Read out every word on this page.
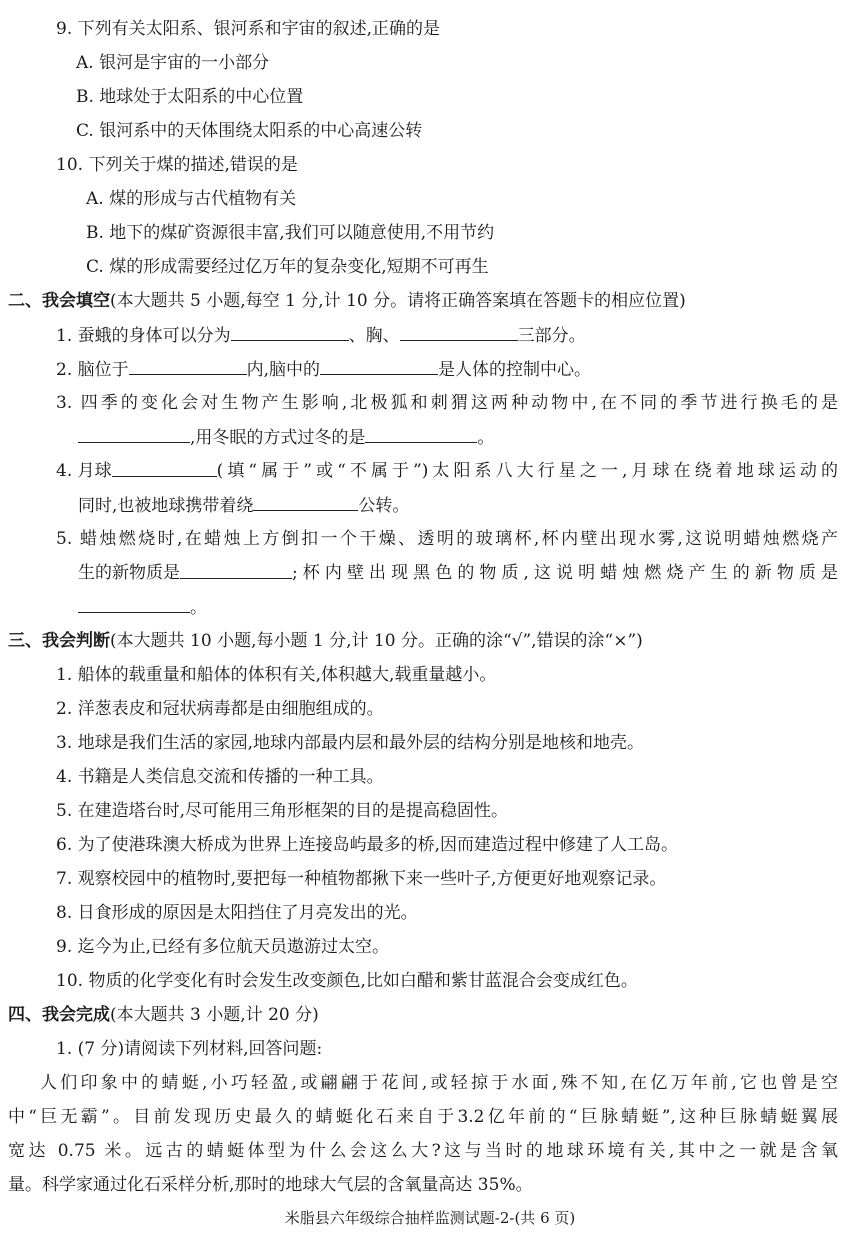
9. 下列有关太阳系、银河系和宇宙的叙述,正确的是
A. 银河是宇宙的一小部分
B. 地球处于太阳系的中心位置
C. 银河系中的天体围绕太阳系的中心高速公转
10. 下列关于煤的描述,错误的是
A. 煤的形成与古代植物有关
B. 地下的煤矿资源很丰富,我们可以随意使用,不用节约
C. 煤的形成需要经过亿万年的复杂变化,短期不可再生
二、我会填空(本大题共 5 小题,每空 1 分,计 10 分。请将正确答案填在答题卡的相应位置)
1. 蚕蛾的身体可以分为	、胸、	三部分。
2. 脑位于	内,脑中的	是人体的控制中心。
3. 四季的变化会对生物产生影响,北极狐和刺猬这两种动物中,在不同的季节进行换毛的是
,用冬眠的方式过冬的是	。
4. 月球	(填“属于”或“不属于”)太阳系八大行星之一,月球在绕着地球运动的
同时,也被地球携带着绕	公转。
5. 蜡烛燃烧时,在蜡烛上方倒扣一个干燥、透明的玻璃杯,杯内壁出现水雾,这说明蜡烛燃烧产
生的新物质是	;杯内壁出现黑色的物质,这说明蜡烛燃烧产生的新物质是
。
三、我会判断(本大题共 10 小题,每小题 1 分,计 10 分。正确的涂“√”,错误的涂“×”)
1. 船体的载重量和船体的体积有关,体积越大,载重量越小。
2. 洋葱表皮和冠状病毒都是由细胞组成的。
3. 地球是我们生活的家园,地球内部最内层和最外层的结构分别是地核和地壳。
4. 书籍是人类信息交流和传播的一种工具。
5. 在建造塔台时,尽可能用三角形框架的目的是提高稳固性。
6. 为了使港珠澳大桥成为世界上连接岛屿最多的桥,因而建造过程中修建了人工岛。
7. 观察校园中的植物时,要把每一种植物都揪下来一些叶子,方便更好地观察记录。
8. 日食形成的原因是太阳挡住了月亮发出的光。
9. 迄今为止,已经有多位航天员遨游过太空。
10. 物质的化学变化有时会发生改变颜色,比如白醋和紫甘蓝混合会变成红色。
四、我会完成(本大题共 3 小题,计 20 分)
1. (7 分)请阅读下列材料,回答问题:
人们印象中的蜻蜓,小巧轻盈,或翩翩于花间,或轻掠于水面,殊不知,在亿万年前,它也曾是空
中“巨无霸”。目前发现历史最久的蜻蜓化石来自于3.2亿年前的“巨脉蜻蜓”,这种巨脉蜻蜓翼展
宽达 0.75 米。远古的蜻蜓体型为什么会这么大?这与当时的地球环境有关,其中之一就是含氧
量。科学家通过化石采样分析,那时的地球大气层的含氧量高达 35%。
米脂县六年级综合抽样监测试题-2-(共 6 页)
